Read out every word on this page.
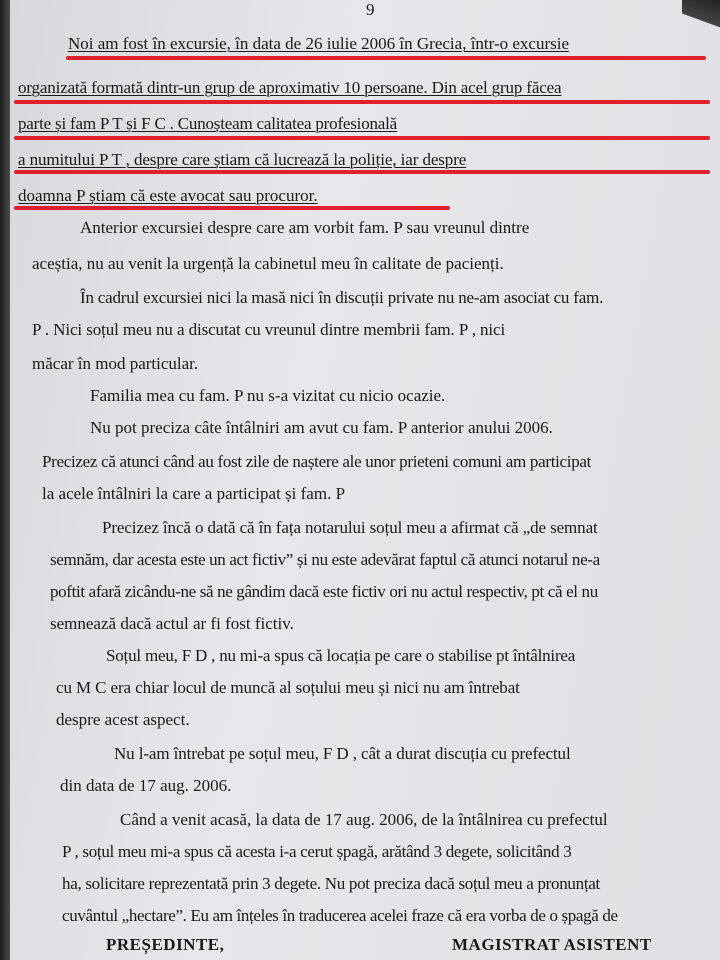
9
Noi am fost în excursie, în data de 26 iulie 2006 în Grecia, într-o excursie
organizată formată dintr-un grup de aproximativ 10 persoane. Din acel grup făcea
parte și fam P T și F C . Cunoșteam calitatea profesională
a numitului P T , despre care știam că lucrează la poliție, iar despre
doamna P știam că este avocat sau procuror.
Anterior excursiei despre care am vorbit fam. P sau vreunul dintre
aceștia, nu au venit la urgență la cabinetul meu în calitate de pacienți.
În cadrul excursiei nici la masă nici în discuții private nu ne-am asociat cu fam.
P . Nici soțul meu nu a discutat cu vreunul dintre membrii fam. P , nici
măcar în mod particular.
Familia mea cu fam. P nu s-a vizitat cu nicio ocazie.
Nu pot preciza câte întâlniri am avut cu fam. P anterior anului 2006.
Precizez că atunci când au fost zile de naștere ale unor prieteni comuni am participat
la acele întâlniri la care a participat și fam. P
Precizez încă o dată că în fața notarului soțul meu a afirmat că „de semnat
semnăm, dar acesta este un act fictiv” și nu este adevărat faptul că atunci notarul ne-a
poftit afară zicându-ne să ne gândim dacă este fictiv ori nu actul respectiv, pt că el nu
semnează dacă actul ar fi fost fictiv.
Soțul meu, F D , nu mi-a spus că locația pe care o stabilise pt întâlnirea
cu M C era chiar locul de muncă al soțului meu și nici nu am întrebat
despre acest aspect.
Nu l-am întrebat pe soțul meu, F D , cât a durat discuția cu prefectul
din data de 17 aug. 2006.
Când a venit acasă, la data de 17 aug. 2006, de la întâlnirea cu prefectul
P , soțul meu mi-a spus că acesta i-a cerut șpagă, arătând 3 degete, solicitând 3
ha, solicitare reprezentată prin 3 degete. Nu pot preciza dacă soțul meu a pronunțat
cuvântul „hectare”. Eu am înțeles în traducerea acelei fraze că era vorba de o șpagă de
PREȘEDINTE,	MAGISTRAT ASISTENT
